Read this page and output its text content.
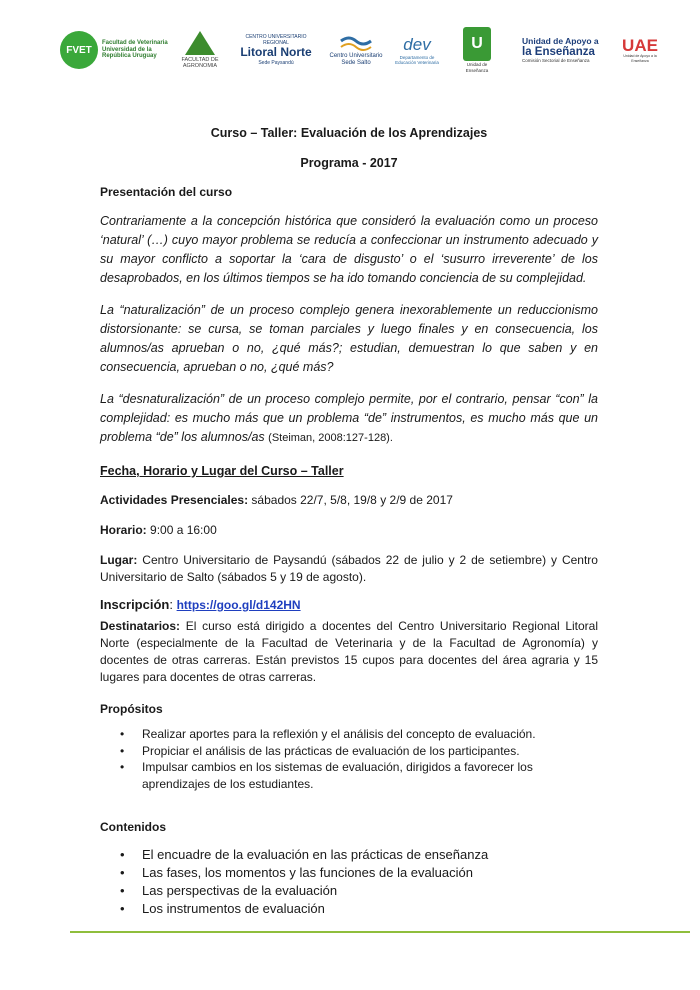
FVET
Facultad de Veterinaria Universidad de la República Uruguay
FACULTAD DE AGRONOMIA
CENTRO UNIVERSITARIO REGIONAL
Litoral Norte
Sede Paysandú
Centro Universitario
Sede Salto
dev
Departamento de Educación Veterinaria
U
Unidad de Enseñanza
Unidad de Apoyo a
la Enseñanza
Comisión Sectorial de Enseñanza
UAE
Unidad de Apoyo a la Enseñanza

Curso – Taller: Evaluación de los Aprendizajes

Programa - 2017

Presentación del curso

Contrariamente a la concepción histórica que consideró la evaluación como un proceso ‘natural’ (…) cuyo mayor problema se reducía a confeccionar un instrumento adecuado y su mayor conflicto a soportar la ‘cara de disgusto’ o el ‘susurro irreverente’ de los desaprobados, en los últimos tiempos se ha ido tomando conciencia de su complejidad.

La “naturalización” de un proceso complejo genera inexorablemente un reduccionismo distorsionante: se cursa, se toman parciales y luego finales y en consecuencia, los alumnos/as aprueban o no, ¿qué más?; estudian, demuestran lo que saben y en consecuencia, aprueban o no, ¿qué más?

La “desnaturalización” de un proceso complejo permite, por el contrario, pensar “con” la complejidad: es mucho más que un problema “de” instrumentos, es mucho más que un problema “de” los alumnos/as (Steiman, 2008:127-128).

Fecha, Horario y Lugar del Curso – Taller

Actividades Presenciales: sábados 22/7, 5/8, 19/8 y 2/9 de 2017

Horario: 9:00 a 16:00

Lugar: Centro Universitario de Paysandú (sábados 22 de julio y 2 de setiembre) y Centro Universitario de Salto (sábados 5 y 19 de agosto).

Inscripción: https://goo.gl/d142HN

Destinatarios: El curso está dirigido a docentes del Centro Universitario Regional Litoral Norte (especialmente de la Facultad de Veterinaria y de la Facultad de Agronomía) y docentes de otras carreras. Están previstos 15 cupos para docentes del área agraria y 15 lugares para docentes de otras carreras.

Propósitos

• Realizar aportes para la reflexión y el análisis del concepto de evaluación.
• Propiciar el análisis de las prácticas de evaluación de los participantes.
• Impulsar cambios en los sistemas de evaluación, dirigidos a favorecer los aprendizajes de los estudiantes.

Contenidos

• El encuadre de la evaluación en las prácticas de enseñanza
• Las fases, los momentos y las funciones de la evaluación
• Las perspectivas de la evaluación
• Los instrumentos de evaluación
